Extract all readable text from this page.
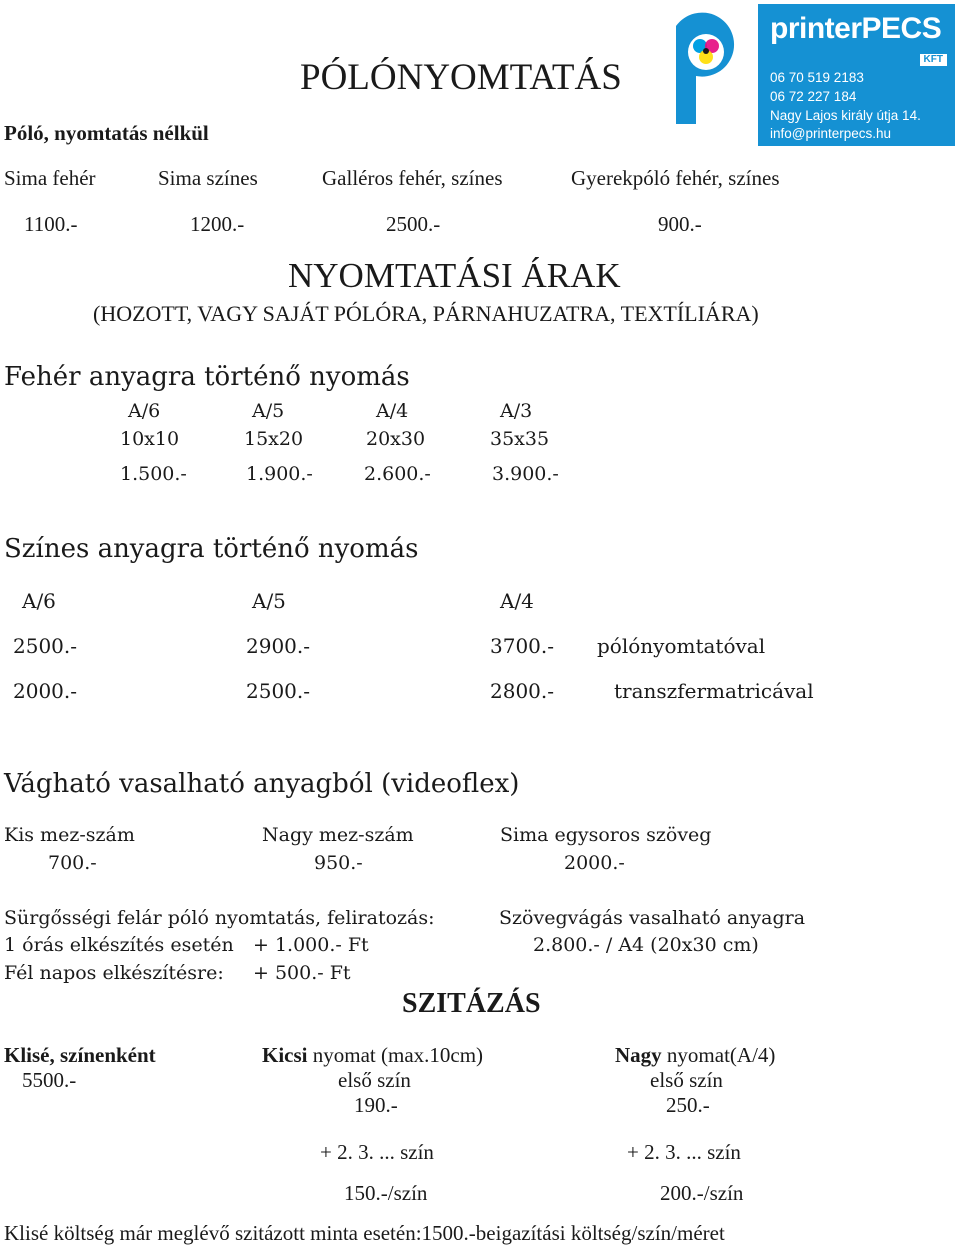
printerPECS
KFT
06 70 519 2183
06 72 227 184
Nagy Lajos király útja 14.
info@printerpecs.hu
PÓLÓNYOMTATÁS
Póló, nyomtatás nélkül
Sima fehér	Sima színes	Galléros fehér, színes	Gyerekpóló fehér, színes
1100.-	1200.-	2500.-	900.-
NYOMTATÁSI ÁRAK
(HOZOTT, VAGY SAJÁT PÓLÓRA, PÁRNAHUZATRA, TEXTÍLIÁRA)
Fehér anyagra történő nyomás
A/6	A/5	A/4	A/3
10x10	15x20	20x30	35x35
1.500.-	1.900.-	2.600.-	3.900.-
Színes anyagra történő nyomás
A/6	A/5	A/4
2500.-	2900.-	3700.- pólónyomtatóval
2000.-	2500.-	2800.-	transzfermatricával
Vágható vasalható anyagból (videoflex)
Kis mez-szám	Nagy mez-szám	Sima egysoros szöveg
700.-	950.-	2000.-
Sürgősségi felár póló nyomtatás, feliratozás:
1 órás elkészítés esetén + 1.000.- Ft
Fél napos elkészítésre: + 500.- Ft
Szövegvágás vasalható anyagra
2.800.- / A4 (20x30 cm)
SZITÁZÁS
Klisé, színenként
5500.-
Kicsi nyomat (max.10cm)
első szín
190.-
+ 2. 3. ... szín
150.-/szín
Nagy nyomat(A/4)
első szín
250.-
+ 2. 3. ... szín
200.-/szín
Klisé költség már meglévő szitázott minta esetén:1500.-beigazítási költség/szín/méret
